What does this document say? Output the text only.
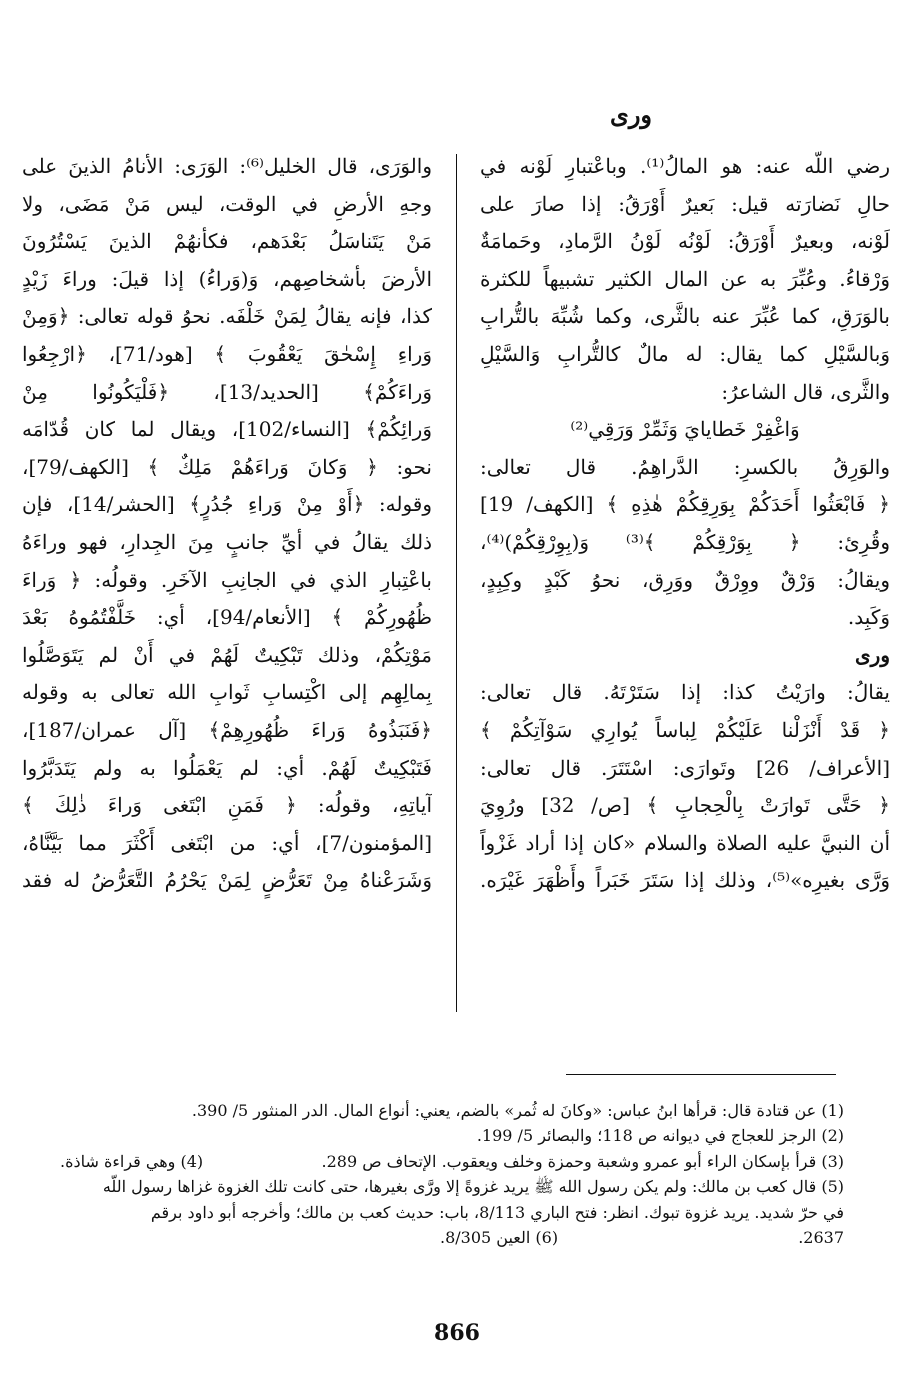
ورى
رضي اللّه عنه: هو المالُ⁽¹⁾. وباعْتبارِ لَوْنه في
حالِ نَضارَته قيل: بَعيرٌ أَوْرَقُ: إذا صارَ على
لَوْنه، وبعيرٌ أَوْرَقُ: لَوْنُه لَوْنُ الرَّمادِ، وحَمامَةٌ
وَرْقاءُ. وعُبِّرَ به عن المال الكثير تشبيهاً للكثرة
بالوَرَقِ، كما عُبِّرَ عنه بالثَّرى، وكما شُبِّهَ بالتُّرابِ
وَبالسَّيْلِ كما يقال: له مالٌ كالتُّرابِ وَالسَّيْلِ
والثَّرى، قال الشاعرُ:
وَاغْفِرْ خَطايايَ وَثَمِّرْ وَرَقِي⁽²⁾
والوَرِقُ بالكسرِ: الدَّراهِمُ. قال تعالى:
﴿ فَابْعَثُوا أَحَدَكُمْ بِوَرِقِكُمْ هٰذِهِ ﴾ [الكهف/ 19]
وقُرِئ: ﴿ بِوَرْقِكُمْ ﴾⁽³⁾ وَ(بِوِرْقِكُمْ)⁽⁴⁾،
ويقالُ: وَرْقٌ ووِرْقٌ ووَرِق، نحوُ كَبْدٍ وكِبِدٍ،
وَكَبِد.
ورى
يقالُ: وارَيْتُ كذا: إذا سَتَرْتَهُ. قال تعالى:
﴿ قَدْ أَنْزَلْنا عَلَيْكُمْ لِباساً يُوارِي سَوْآتِكُمْ ﴾
[الأعراف/ 26] وتَوارَى: اسْتَتَرَ. قال تعالى:
﴿ حَتَّى تَوارَتْ بِالْحِجابِ ﴾ [ص/ 32] ورُوِيَ
أن النبيَّ عليه الصلاة والسلام «كان إذا أراد غَزْواً
وَرَّى بغيرِه»⁽⁵⁾، وذلك إذا سَتَرَ خَبَراً وأَظْهَرَ غَيْرَه.
والوَرَى، قال الخليل⁽⁶⁾: الوَرَى: الأنامُ الذينَ على
وجهِ الأرضِ في الوقت، ليس مَنْ مَضَى، ولا
مَنْ يَتَناسَلُ بَعْدَهم، فكأنهُمْ الذينَ يَسْتُرُونَ
الأرضَ بأشخاصِهم، وَ(وَراءُ) إذا قيلَ: وراءَ زَيْدٍ
كذا، فإنه يقالُ لِمَنْ خَلْفَه. نحوُ قوله تعالى: ﴿وَمِنْ
وَراءِ إِسْحٰقَ يَعْقُوبَ ﴾ [هود/71]، ﴿ارْجِعُوا
وَراءَكُمْ﴾ [الحديد/13]، ﴿فَلْيَكُونُوا مِنْ
وَرائِكُمْ﴾ [النساء/102]، ويقال لما كان قُدّامَه
نحو: ﴿ وَكانَ وَراءَهُمْ مَلِكٌ ﴾ [الكهف/79]،
وقوله: ﴿أَوْ مِنْ وَراءِ جُدُرٍ﴾ [الحشر/14]، فإن
ذلك يقالُ في أيِّ جانبٍ مِنَ الجِدارِ، فهو وراءَهُ
باعْتِبارِ الذي في الجانِبِ الآخَرِ. وقولُه: ﴿ وَراءَ
ظُهُورِكُمْ ﴾ [الأنعام/94]، أي: خَلَّفْتُمُوهُ بَعْدَ
مَوْتِكُمْ، وذلك تَبْكِيتٌ لَهُمْ في أَنْ لم يَتَوَصَّلُوا
بِمالِهِم إلى اكْتِسابِ ثَوابِ الله تعالى به وقوله
﴿فَنَبَذُوهُ وَراءَ ظُهُورِهِمْ﴾ [آل عمران/187]،
فَتَبْكِيتٌ لَهُمْ. أي: لم يَعْمَلُوا به ولم يَتَدَبَّرُوا
آياتِهِ، وقولُه: ﴿ فَمَنِ ابْتَغى وَراءَ ذٰلِكَ ﴾
[المؤمنون/7]، أي: من ابْتَغى أَكْثَرَ مما بَيَّنَّاهُ،
وَشَرَعْناهُ مِنْ تَعَرُّضٍ لِمَنْ يَحْرُمُ التَّعَرُّضُ له فقد
(1) عن قتادة قال: قرأها ابنُ عباس: «وكانَ له ثُمر» بالضم، يعني: أنواع المال. الدر المنثور 5/ 390.
(2) الرجز للعجاج في ديوانه ص 118؛ والبصائر 5/ 199.
(3) قرأ بإسكان الراء أبو عمرو وشعبة وحمزة وخلف ويعقوب. الإتحاف ص 289.
(4) وهي قراءة شاذة.
(5) قال كعب بن مالك: ولم يكن رسول الله ﷺ يريد غزوةً إلا ورَّى بغيرها، حتى كانت تلك الغزوة غزاها رسول اللّه
في حرّ شديد. يريد غزوة تبوك. انظر: فتح الباري 8/113، باب: حديث كعب بن مالك؛ وأخرجه أبو داود برقم
2637.
(6) العين 8/305.
866
